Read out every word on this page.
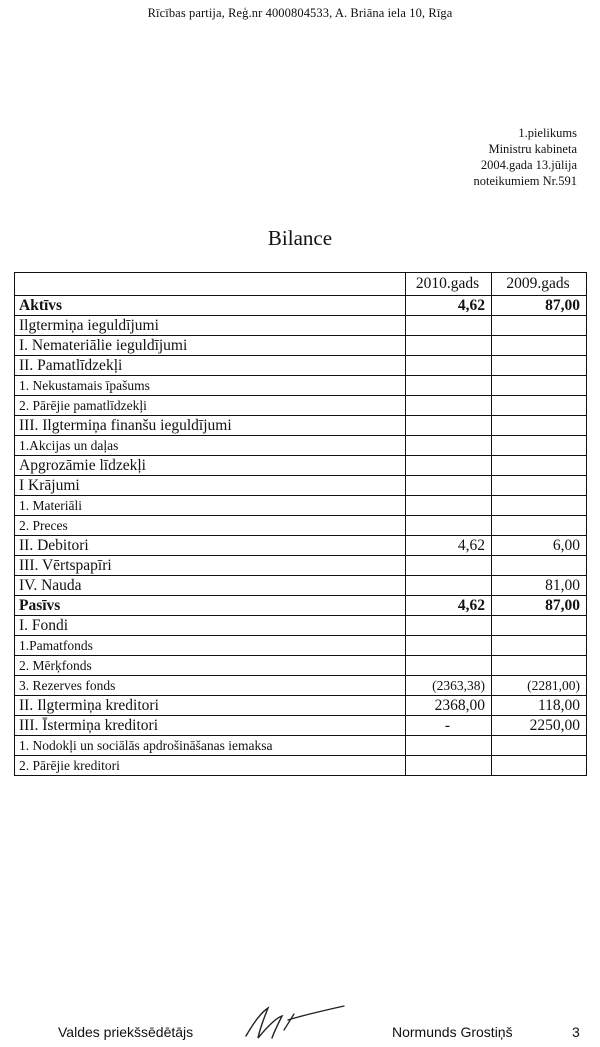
Rīcības partija, Reģ.nr 4000804533, A. Briāna iela 10, Rīga
1.pielikums
Ministru kabineta
2004.gada 13.jūlija
noteikumiem Nr.591
Bilance
	2010.gads	2009.gads
Aktīvs	4,62	87,00
Ilgtermiņa ieguldījumi		
I. Nemateriālie ieguldījumi		
II. Pamatlīdzekļi		
1. Nekustamais īpašums		
2. Pārējie pamatlīdzekļi		
III. Ilgtermiņa finanšu ieguldījumi		
1.Akcijas un daļas		
Apgrozāmie līdzekļi		
I Krājumi		
1. Materiāli		
2. Preces		
II. Debitori	4,62	6,00
III. Vērtspapīri		
IV. Nauda		81,00
Pasīvs	4,62	87,00
I. Fondi		
1.Pamatfonds		
2. Mērķfonds		
3. Rezerves fonds	(2363,38)	(2281,00)
II. Ilgtermiņa kreditori	2368,00	118,00
III. Īstermiņa kreditori	-	2250,00
1. Nodokļi un sociālās apdrošināšanas iemaksa		
2. Pārējie kreditori		
Valdes priekšsēdētājs	Normunds Grostiņš	3
